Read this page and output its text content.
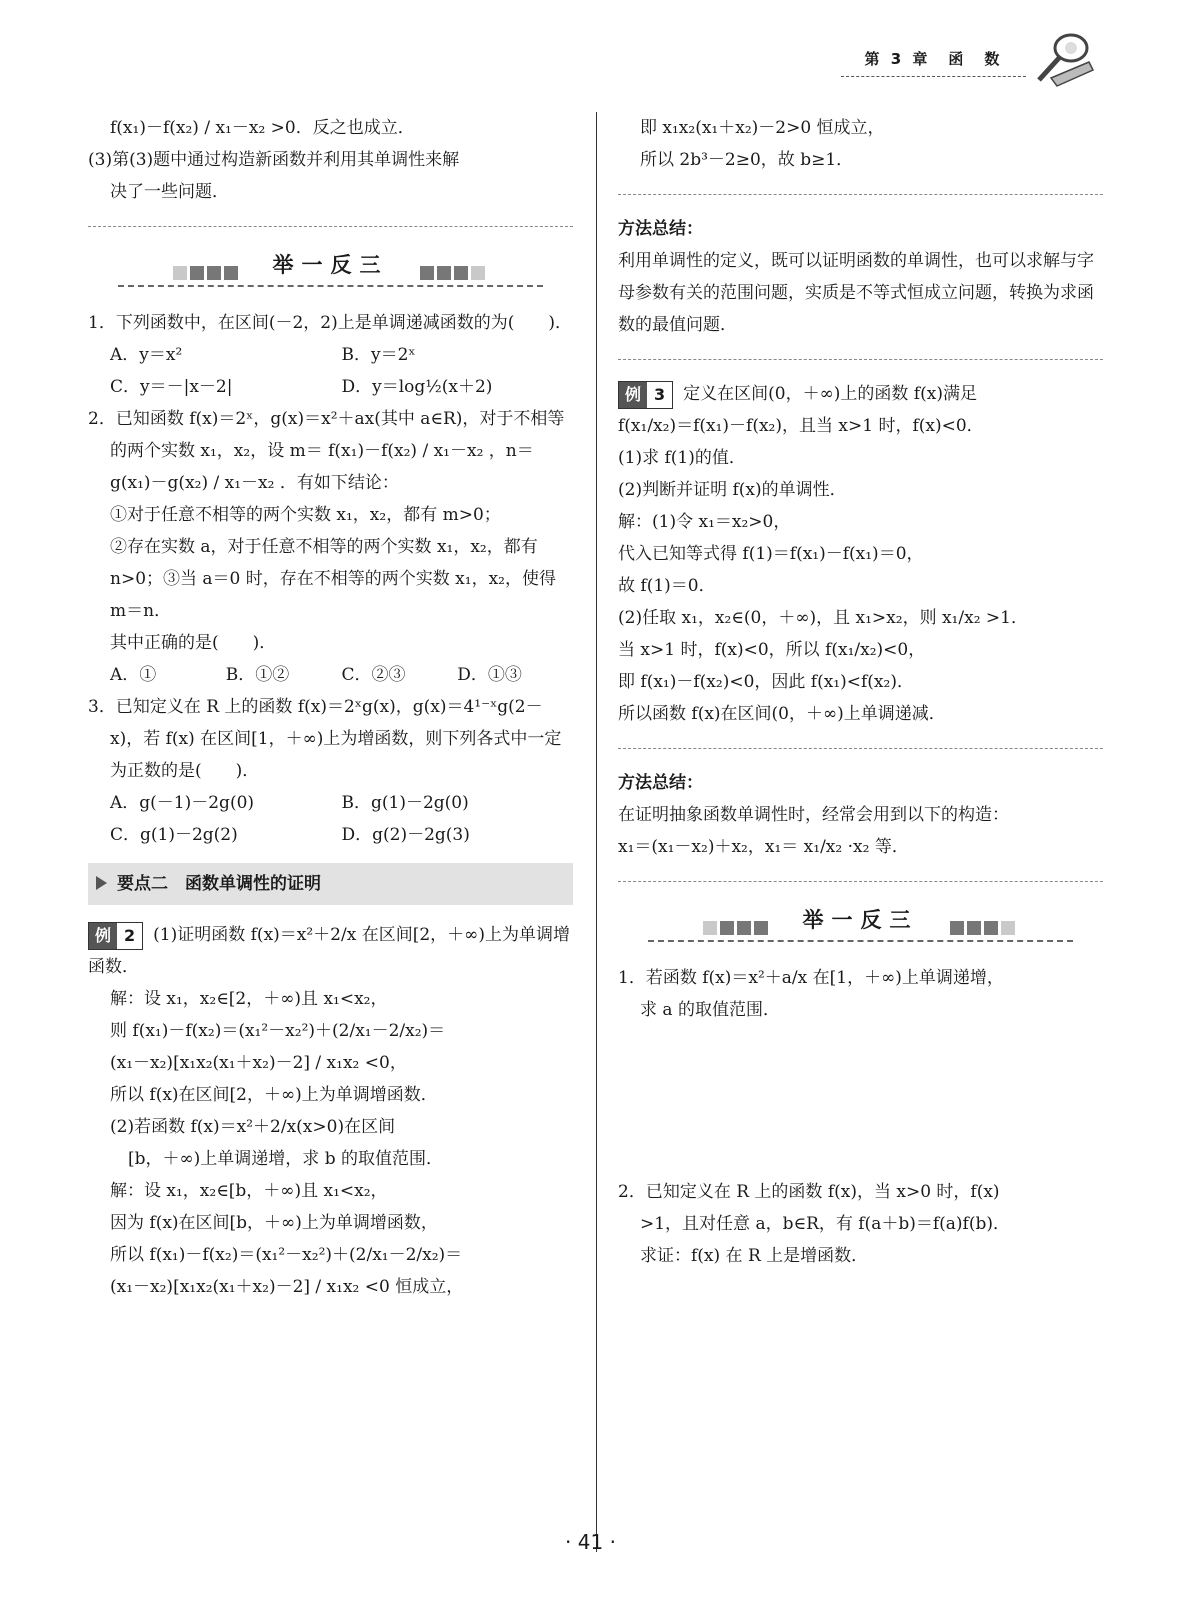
第 3 章　函　数

f(x₁)－f(x₂) / x₁－x₂ >0．反之也成立．

(3)第(3)题中通过构造新函数并利用其单调性来解

决了一些问题．

举一反三

1．下列函数中，在区间(－2，2)上是单调递减函数的为(　　)．

A．y＝x²	B．y＝2ˣ
C．y＝－|x－2|	D．y＝log½(x＋2)

2．已知函数 f(x)＝2ˣ，g(x)＝x²＋ax(其中 a∈R)，对于不相等的两个实数 x₁，x₂，设 m＝ f(x₁)－f(x₂) / x₁－x₂ ，n＝ g(x₁)－g(x₂) / x₁－x₂ ．有如下结论：

①对于任意不相等的两个实数 x₁，x₂，都有 m>0；

②存在实数 a，对于任意不相等的两个实数 x₁，x₂，都有 n>0；③当 a＝0 时，存在不相等的两个实数 x₁，x₂，使得 m＝n．

其中正确的是(　　)．

A．①	B．①②	C．②③	D．①③

3．已知定义在 R 上的函数 f(x)＝2ˣg(x)，g(x)＝4¹⁻ˣg(2－x)，若 f(x) 在区间[1，＋∞)上为增函数，则下列各式中一定为正数的是(　　)．

A．g(－1)－2g(0)	B．g(1)－2g(0)
C．g(1)－2g(2)	D．g(2)－2g(3)
要点二　函数单调性的证明

例 2 (1)证明函数 f(x)＝x²＋2/x 在区间[2，＋∞)上为单调增函数．

解：设 x₁，x₂∈[2，＋∞)且 x₁<x₂，

则 f(x₁)－f(x₂)＝(x₁²－x₂²)＋(2/x₁－2/x₂)＝

(x₁－x₂)[x₁x₂(x₁＋x₂)－2] / x₁x₂ <0，

所以 f(x)在区间[2，＋∞)上为单调增函数．

(2)若函数 f(x)＝x²＋2/x(x>0)在区间

[b，＋∞)上单调递增，求 b 的取值范围．

解：设 x₁，x₂∈[b，＋∞)且 x₁<x₂，

因为 f(x)在区间[b，＋∞)上为单调增函数，

所以 f(x₁)－f(x₂)＝(x₁²－x₂²)＋(2/x₁－2/x₂)＝

(x₁－x₂)[x₁x₂(x₁＋x₂)－2] / x₁x₂ <0 恒成立，

即 x₁x₂(x₁＋x₂)－2>0 恒成立，

所以 2b³－2≥0，故 b≥1．

方法总结：

利用单调性的定义，既可以证明函数的单调性，也可以求解与字母参数有关的范围问题，实质是不等式恒成立问题，转换为求函数的最值问题．

例 3 定义在区间(0，＋∞)上的函数 f(x)满足

f(x₁/x₂)＝f(x₁)－f(x₂)，且当 x>1 时，f(x)<0．

(1)求 f(1)的值．

(2)判断并证明 f(x)的单调性．

解：(1)令 x₁＝x₂>0，

代入已知等式得 f(1)＝f(x₁)－f(x₁)＝0，

故 f(1)＝0．

(2)任取 x₁，x₂∈(0，＋∞)，且 x₁>x₂，则 x₁/x₂ >1．

当 x>1 时，f(x)<0，所以 f(x₁/x₂)<0，

即 f(x₁)－f(x₂)<0，因此 f(x₁)<f(x₂)．

所以函数 f(x)在区间(0，＋∞)上单调递减．

方法总结：

在证明抽象函数单调性时，经常会用到以下的构造：

x₁＝(x₁－x₂)＋x₂，x₁＝ x₁/x₂ ·x₂ 等．

举一反三

1．若函数 f(x)＝x²＋a/x 在[1，＋∞)上单调递增，

求 a 的取值范围．

2．已知定义在 R 上的函数 f(x)，当 x>0 时，f(x)

>1，且对任意 a，b∈R，有 f(a＋b)＝f(a)f(b)．

求证：f(x) 在 R 上是增函数．

· 41 ·
